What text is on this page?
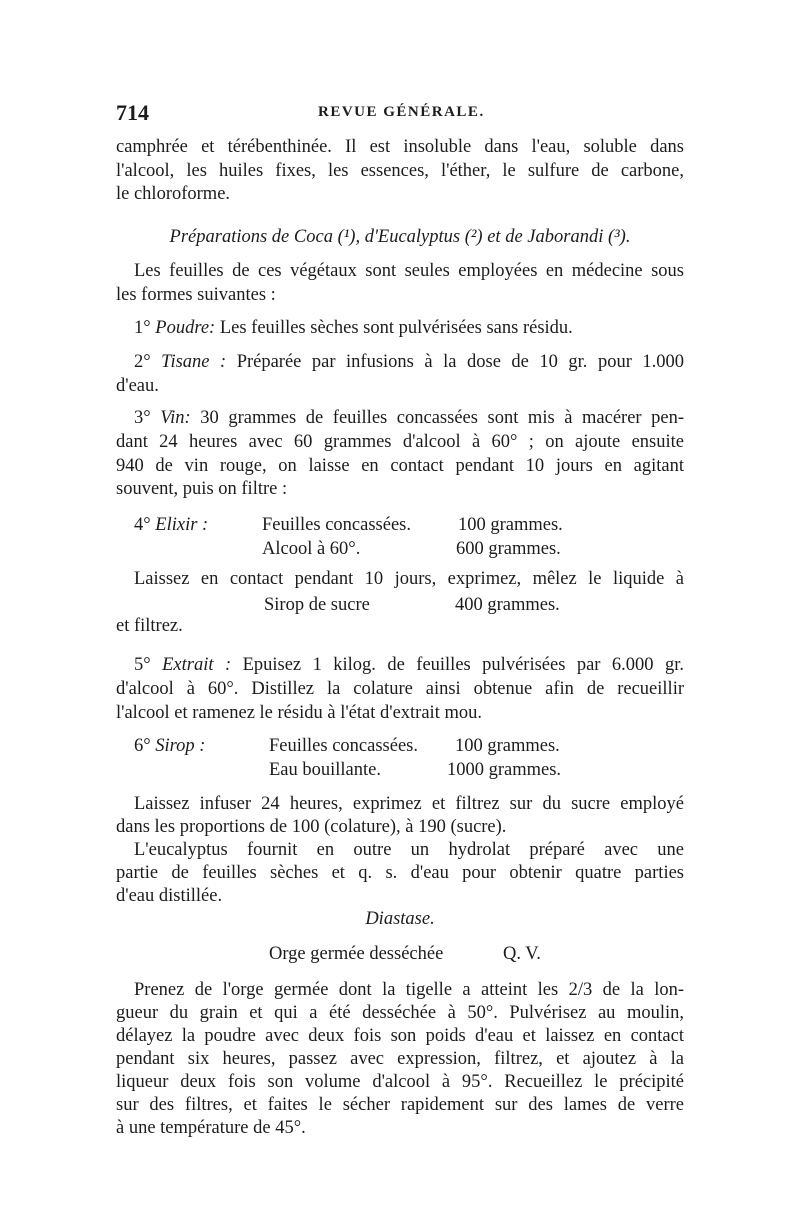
714	REVUE GÉNÉRALE.
camphrée et térébenthinée. Il est insoluble dans l'eau, soluble dans
l'alcool, les huiles fixes, les essences, l'éther, le sulfure de carbone,
le chloroforme.
Préparations de Coca (¹), d'Eucalyptus (²) et de Jaborandi (³).
Les feuilles de ces végétaux sont seules employées en médecine sous
les formes suivantes :
1° Poudre: Les feuilles sèches sont pulvérisées sans résidu.
2° Tisane : Préparée par infusions à la dose de 10 gr. pour 1.000
d'eau.
3° Vin: 30 grammes de feuilles concassées sont mis à macérer pen-
dant 24 heures avec 60 grammes d'alcool à 60° ; on ajoute ensuite
940 de vin rouge, on laisse en contact pendant 10 jours en agitant
souvent, puis on filtre :
4° Elixir :	Feuilles concassées.	100 grammes.
Alcool à 60°.	600 grammes.
Laissez en contact pendant 10 jours, exprimez, mêlez le liquide à
Sirop de sucre	400 grammes.
et filtrez.
5° Extrait : Epuisez 1 kilog. de feuilles pulvérisées par 6.000 gr.
d'alcool à 60°. Distillez la colature ainsi obtenue afin de recueillir
l'alcool et ramenez le résidu à l'état d'extrait mou.
6° Sirop :	Feuilles concassées. 100 grammes.
Eau bouillante.	1000 grammes.
Laissez infuser 24 heures, exprimez et filtrez sur du sucre employé
dans les proportions de 100 (colature), à 190 (sucre).
L'eucalyptus fournit en outre un hydrolat préparé avec une
partie de feuilles sèches et q. s. d'eau pour obtenir quatre parties
d'eau distillée.
Diastase.
Orge germée desséchée	Q. V.
Prenez de l'orge germée dont la tigelle a atteint les 2/3 de la lon-
gueur du grain et qui a été desséchée à 50°. Pulvérisez au moulin,
délayez la poudre avec deux fois son poids d'eau et laissez en contact
pendant six heures, passez avec expression, filtrez, et ajoutez à la
liqueur deux fois son volume d'alcool à 95°. Recueillez le précipité
sur des filtres, et faites le sécher rapidement sur des lames de verre
à une température de 45°.
